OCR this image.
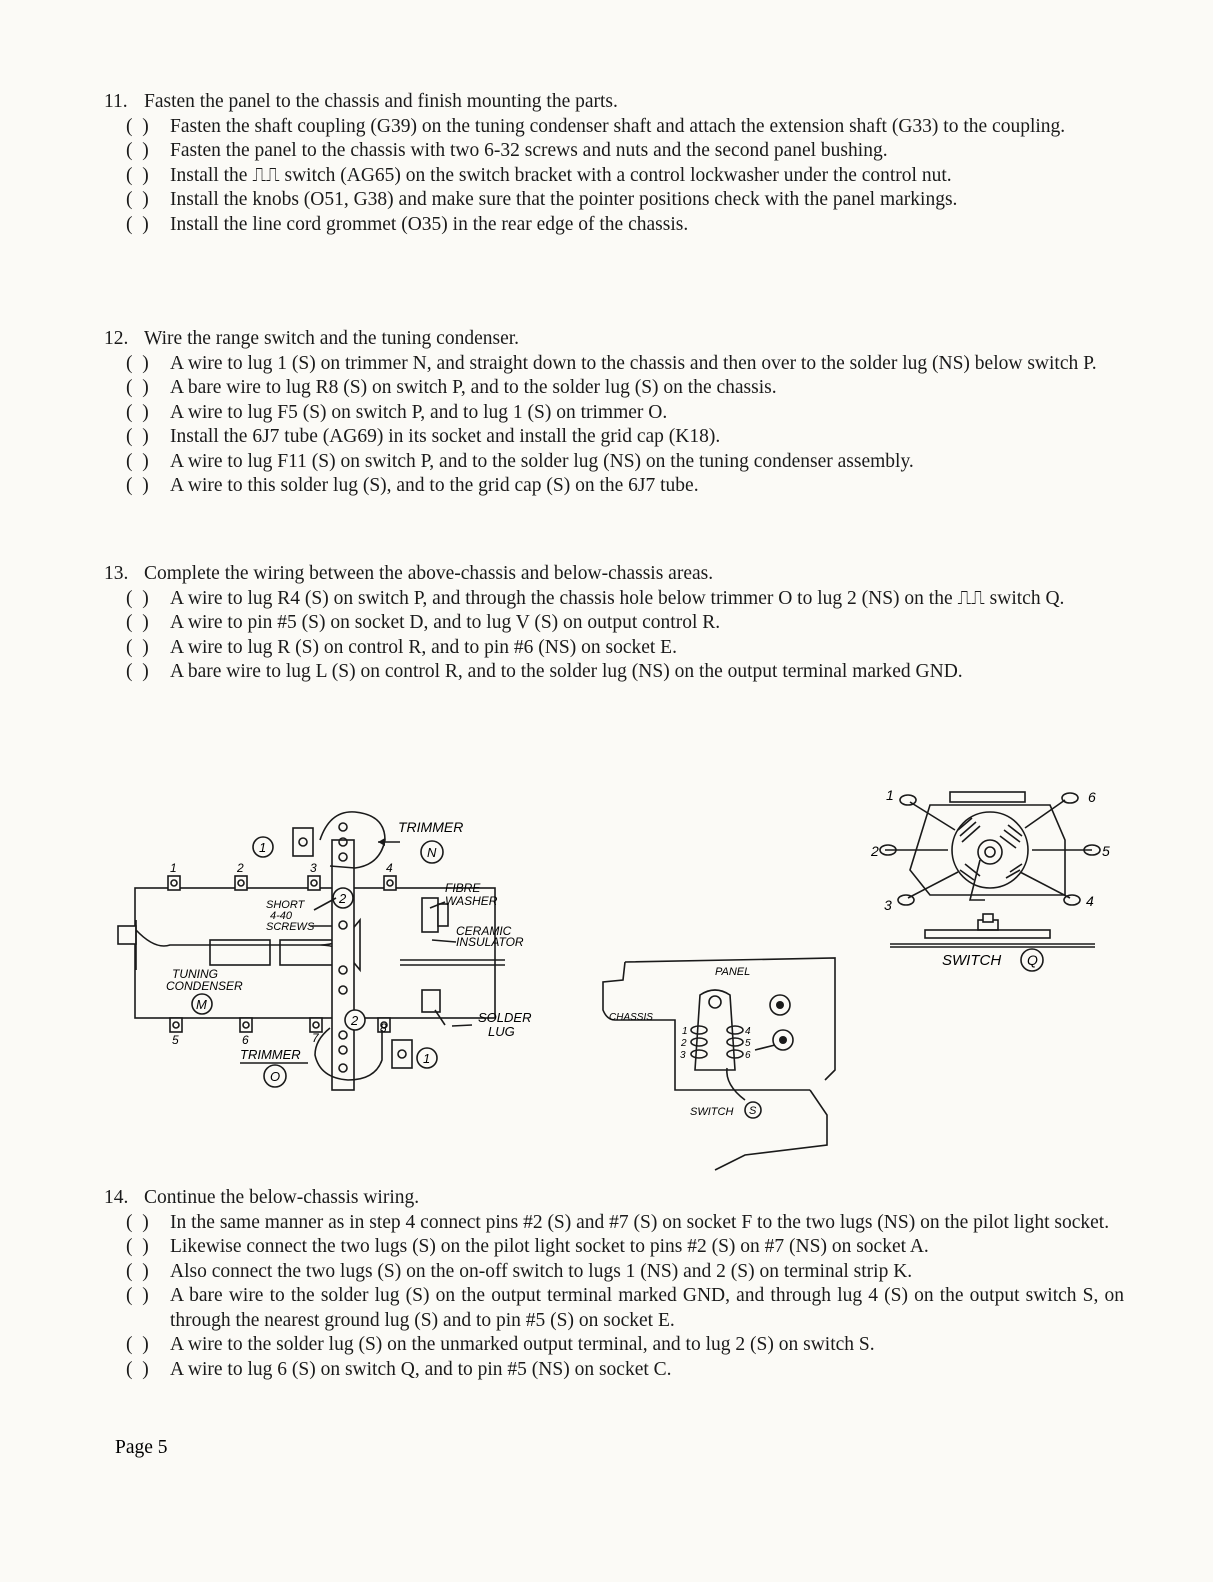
11. Fasten the panel to the chassis and finish mounting the parts.
(  ) Fasten the shaft coupling (G39) on the tuning condenser shaft and attach the extension shaft (G33) to the coupling.
(  ) Fasten the panel to the chassis with two 6-32 screws and nuts and the second panel bushing.
(  ) Install the ⎍⎍ switch (AG65) on the switch bracket with a control lockwasher under the control nut.
(  ) Install the knobs (O51, G38) and make sure that the pointer positions check with the panel markings.
(  ) Install the line cord grommet (O35) in the rear edge of the chassis.
12. Wire the range switch and the tuning condenser.
(  ) A wire to lug 1 (S) on trimmer N, and straight down to the chassis and then over to the solder lug (NS) below switch P.
(  ) A bare wire to lug R8 (S) on switch P, and to the solder lug (S) on the chassis.
(  ) A wire to lug F5 (S) on switch P, and to lug 1 (S) on trimmer O.
(  ) Install the 6J7 tube (AG69) in its socket and install the grid cap (K18).
(  ) A wire to lug F11 (S) on switch P, and to the solder lug (NS) on the tuning condenser assembly.
(  ) A wire to this solder lug (S), and to the grid cap (S) on the 6J7 tube.
13. Complete the wiring between the above-chassis and below-chassis areas.
(  ) A wire to lug R4 (S) on switch P, and through the chassis hole below trimmer O to lug 2 (NS) on the ⎍⎍ switch Q.
(  ) A wire to pin #5 (S) on socket D, and to lug V (S) on output control R.
(  ) A wire to lug R (S) on control R, and to pin #6 (NS) on socket E.
(  ) A bare wire to lug L (S) on control R, and to the solder lug (NS) on the output terminal marked GND.
1	2	3	4
5	6	7
8
1
2
1
2
TRIMMER
N
FIBRE
WASHER
CERAMIC
INSULATOR
SHORT
4-40
SCREWS
TUNING
CONDENSER
M
SOLDER
LUG
TRIMMER
O
PANEL
CHASSIS
1
2
3
4
5
6
SWITCH S
1
2
3	4
5
6
SWITCH Q
14. Continue the below-chassis wiring.
(  ) In the same manner as in step 4 connect pins #2 (S) and #7 (S) on socket F to the two lugs (NS) on the pilot light socket.
(  ) Likewise connect the two lugs (S) on the pilot light socket to pins #2 (S) on #7 (NS) on socket A.
(  ) Also connect the two lugs (S) on the on-off switch to lugs 1 (NS) and 2 (S) on terminal strip K.
(  ) A bare wire to the solder lug (S) on the output terminal marked GND, and through lug 4 (S) on the output switch S, on through the nearest ground lug (S) and to pin #5 (S) on socket E.
(  ) A wire to the solder lug (S) on the unmarked output terminal, and to lug 2 (S) on switch S.
(  ) A wire to lug 6 (S) on switch Q, and to pin #5 (NS) on socket C.
Page 5
